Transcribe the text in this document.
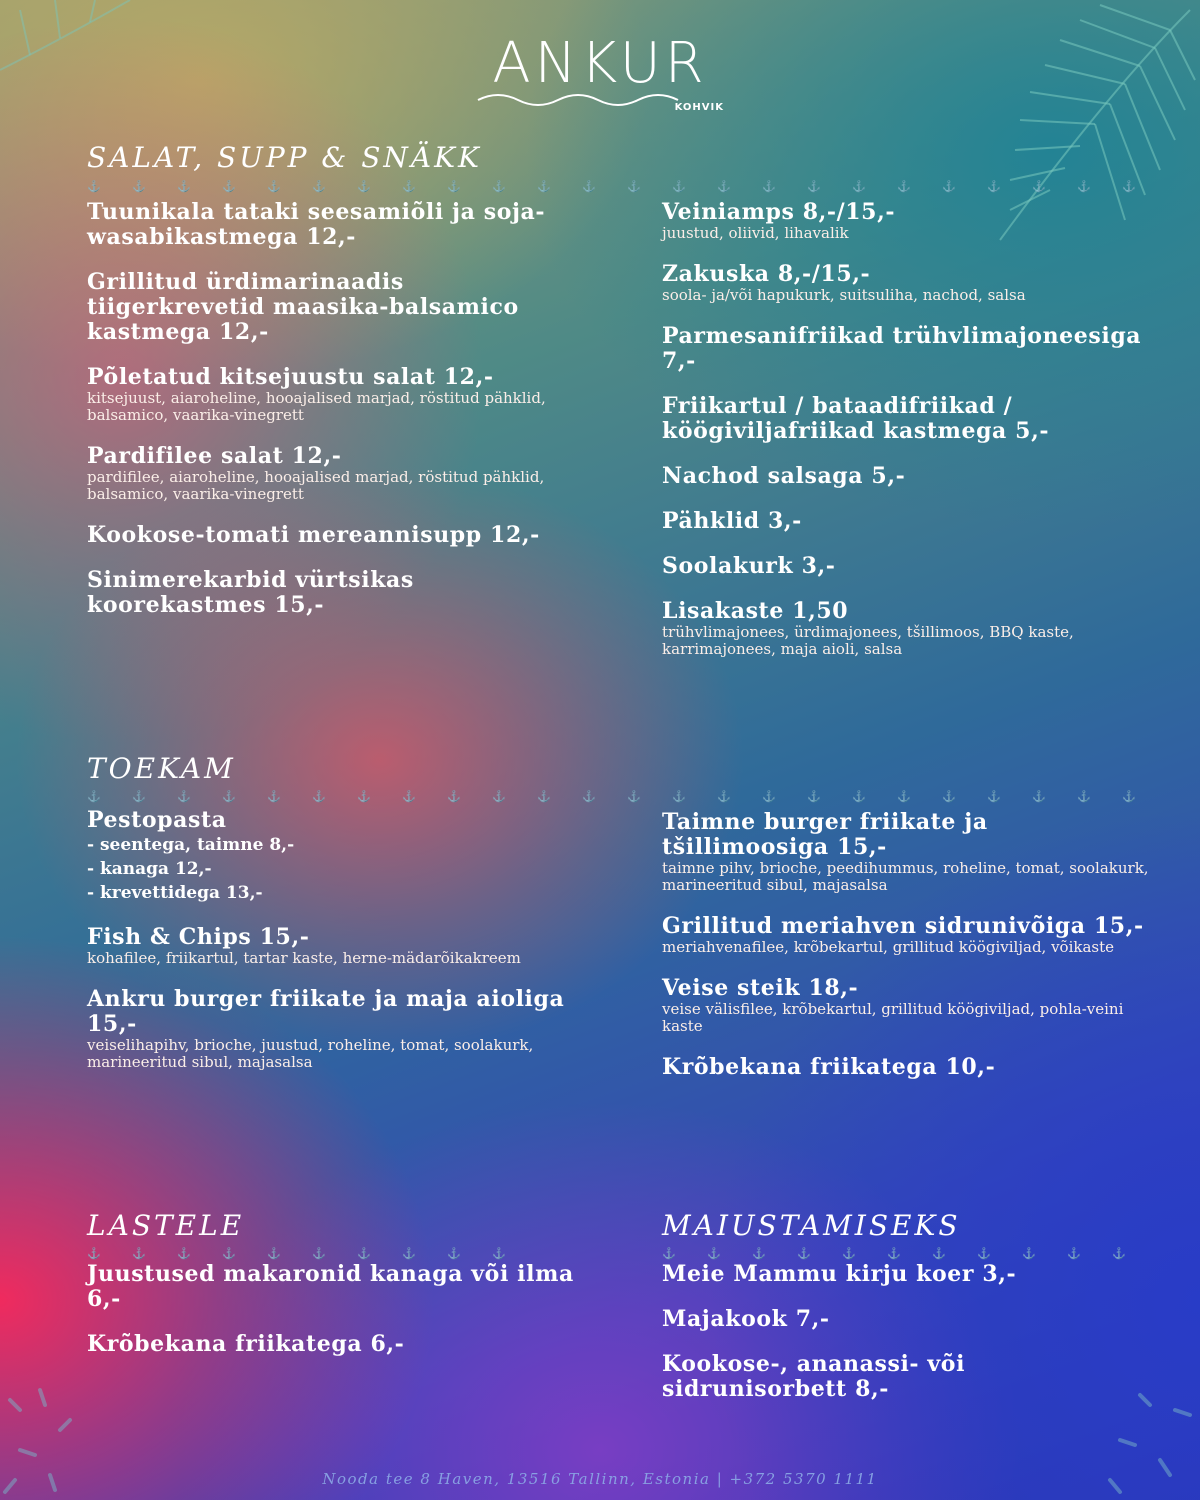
ANKUR
KOHVIK
SALAT, SUPP & SNÄKK
⚓	⚓	⚓	⚓	⚓	⚓	⚓	⚓	⚓	⚓	⚓	⚓	⚓	⚓	⚓	⚓	⚓	⚓	⚓	⚓	⚓	⚓	⚓	⚓
Tuunikala tataki seesamiõli ja soja-wasabikastmega 12,-
Grillitud ürdimarinaadis tiigerkrevetid maasika-balsamico kastmega 12,-
Põletatud kitsejuustu salat 12,-
kitsejuust, aiaroheline, hooajalised marjad, röstitud pähklid, balsamico, vaarika-vinegrett
Pardifilee salat 12,-
pardifilee, aiaroheline, hooajalised marjad, röstitud pähklid, balsamico, vaarika-vinegrett
Kookose-tomati mereannisupp 12,-
Sinimerekarbid vürtsikas koorekastmes 15,-
Veiniamps 8,-/15,-
juustud, oliivid, lihavalik
Zakuska 8,-/15,-
soola- ja/või hapukurk, suitsuliha, nachod, salsa
Parmesanifriikad trühvlimajoneesiga 7,-
Friikartul / bataadifriikad / köögiviljafriikad kastmega 5,-
Nachod salsaga 5,-
Pähklid 3,-
Soolakurk 3,-
Lisakaste 1,50
trühvlimajonees, ürdimajonees, tšillimoos, BBQ kaste, karrimajonees, maja aioli, salsa
TOEKAM
⚓	⚓	⚓	⚓	⚓	⚓	⚓	⚓	⚓	⚓	⚓	⚓	⚓	⚓	⚓	⚓	⚓	⚓	⚓	⚓	⚓	⚓	⚓	⚓
Pestopasta
- seentega, taimne 8,-
- kanaga 12,-
- krevettidega 13,-
Fish & Chips 15,-
kohafilee, friikartul, tartar kaste, herne-mädarõikakreem
Ankru burger friikate ja maja aioliga 15,-
veiselihapihv, brioche, juustud, roheline, tomat, soolakurk, marineeritud sibul, majasalsa
Taimne burger friikate ja tšillimoosiga 15,-
taimne pihv, brioche, peedihummus, roheline, tomat, soolakurk, marineeritud sibul, majasalsa
Grillitud meriahven sidrunivõiga 15,-
meriahvenafilee, krõbekartul, grillitud köögiviljad, võikaste
Veise steik 18,-
veise välisfilee, krõbekartul, grillitud köögiviljad, pohla-veini kaste
Krõbekana friikatega 10,-
LASTELE
⚓	⚓	⚓	⚓	⚓	⚓	⚓	⚓	⚓	⚓
Juustused makaronid kanaga või ilma 6,-
Krõbekana friikatega 6,-
MAIUSTAMISEKS
⚓	⚓	⚓	⚓	⚓	⚓	⚓	⚓	⚓	⚓	⚓
Meie Mammu kirju koer 3,-
Majakook 7,-
Kookose-, ananassi- või sidrunisorbett 8,-
Nooda tee 8 Haven, 13516 Tallinn, Estonia | +372 5370 1111
